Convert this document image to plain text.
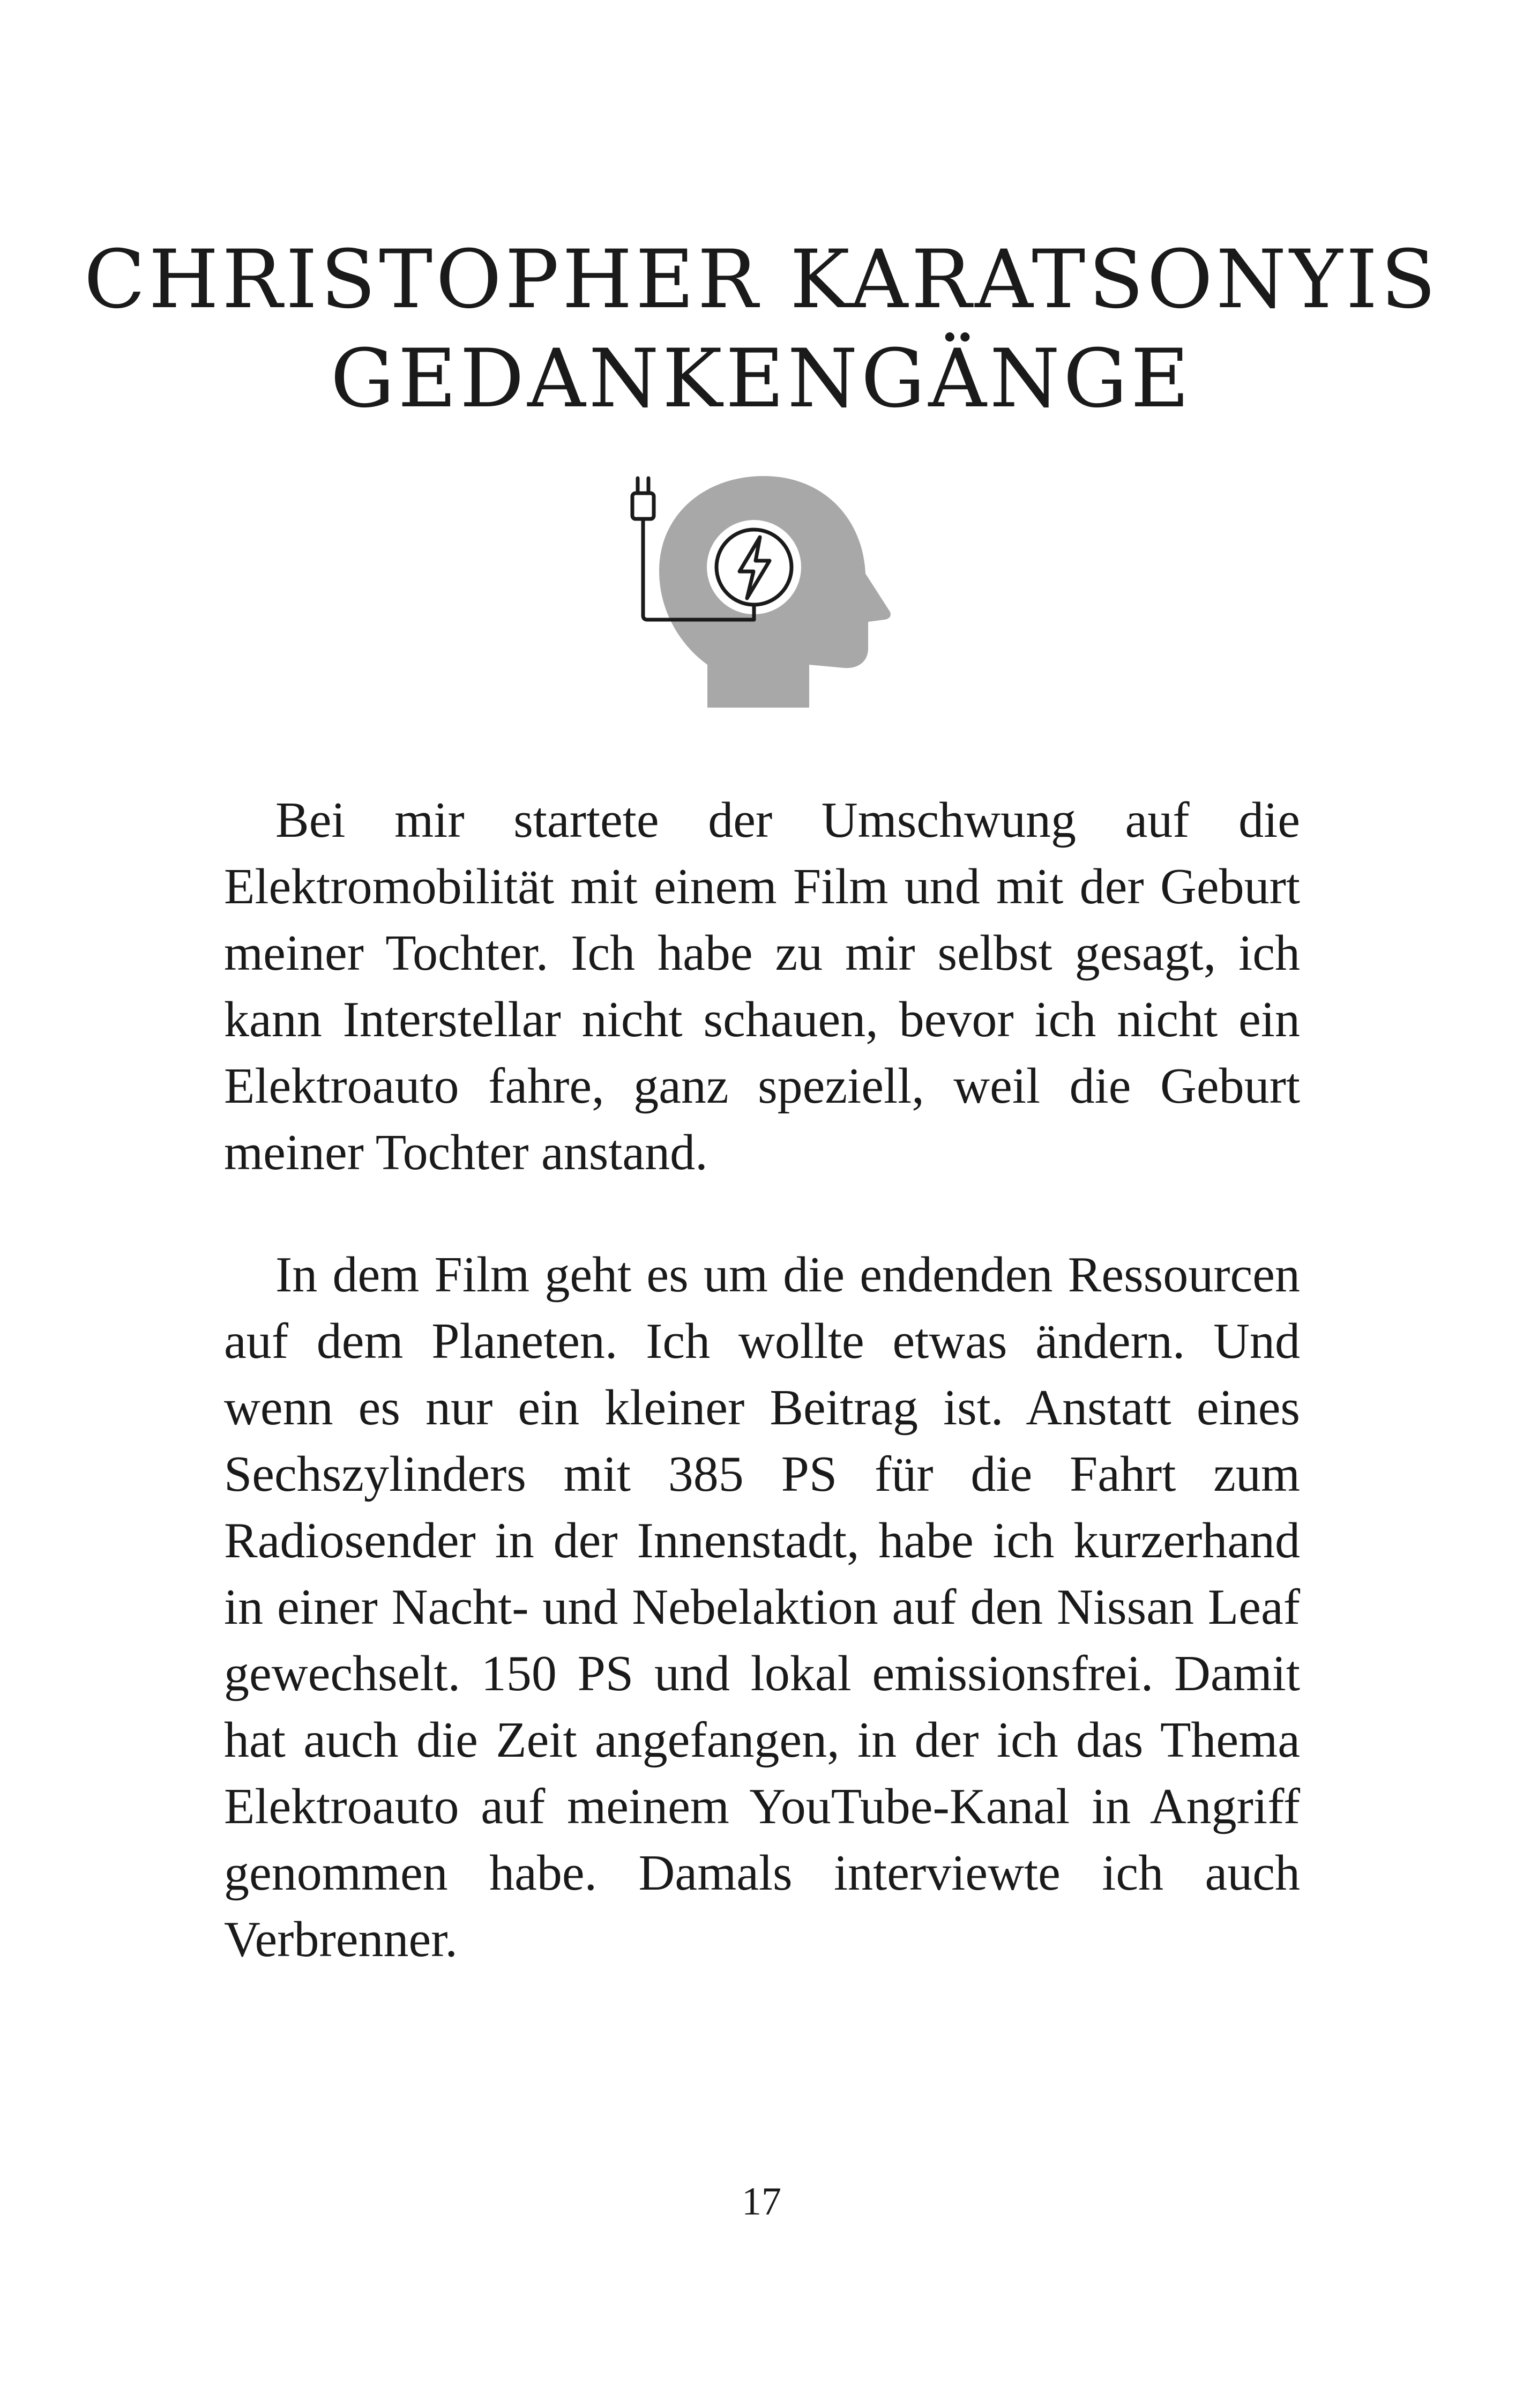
CHRISTOPHER KARATSONYIS
GEDANKENGÄNGE

Bei mir startete der Umschwung auf die Elektromobilität mit einem Film und mit der Geburt meiner Tochter. Ich habe zu mir selbst gesagt, ich kann Interstellar nicht schauen, bevor ich nicht ein Elektroauto fahre, ganz speziell, weil die Geburt meiner Tochter anstand.

In dem Film geht es um die endenden Ressourcen auf dem Planeten. Ich wollte etwas ändern. Und wenn es nur ein kleiner Beitrag ist. Anstatt eines Sechszylinders mit 385 PS für die Fahrt zum Radiosender in der Innenstadt, habe ich kurzerhand in einer Nacht- und Nebelaktion auf den Nissan Leaf gewechselt. 150 PS und lokal emissionsfrei. Damit hat auch die Zeit angefangen, in der ich das Thema Elektroauto auf meinem YouTube-Kanal in Angriff genommen habe. Damals interviewte ich auch Verbrenner.

17
